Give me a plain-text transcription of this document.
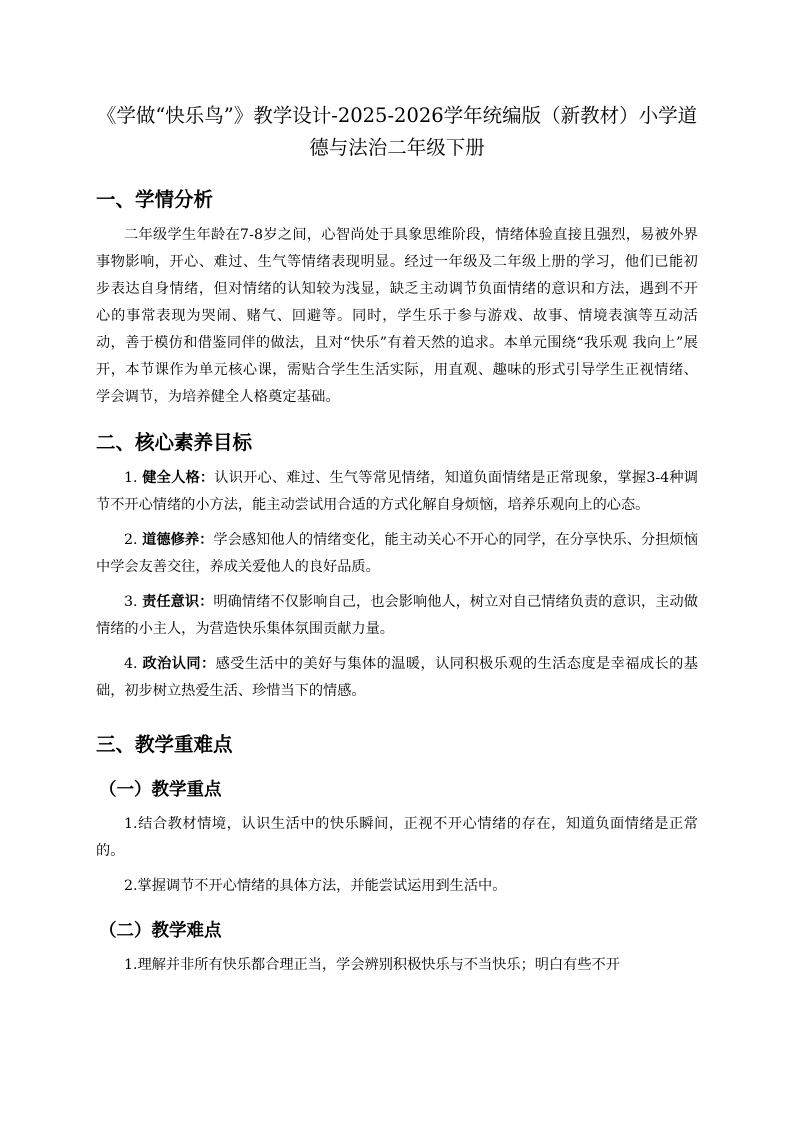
《学做“快乐鸟”》教学设计-2025-2026学年统编版（新教材）小学道德与法治二年级下册
一、学情分析

二年级学生年龄在7-8岁之间，心智尚处于具象思维阶段，情绪体验直接且强烈，易被外界事物影响，开心、难过、生气等情绪表现明显。经过一年级及二年级上册的学习，他们已能初步表达自身情绪，但对情绪的认知较为浅显，缺乏主动调节负面情绪的意识和方法，遇到不开心的事常表现为哭闹、赌气、回避等。同时，学生乐于参与游戏、故事、情境表演等互动活动，善于模仿和借鉴同伴的做法，且对“快乐”有着天然的追求。本单元围绕“我乐观 我向上”展开，本节课作为单元核心课，需贴合学生生活实际，用直观、趣味的形式引导学生正视情绪、学会调节，为培养健全人格奠定基础。

二、核心素养目标

1. 健全人格：认识开心、难过、生气等常见情绪，知道负面情绪是正常现象，掌握3-4种调节不开心情绪的小方法，能主动尝试用合适的方式化解自身烦恼，培养乐观向上的心态。

2. 道德修养：学会感知他人的情绪变化，能主动关心不开心的同学，在分享快乐、分担烦恼中学会友善交往，养成关爱他人的良好品质。

3. 责任意识：明确情绪不仅影响自己，也会影响他人，树立对自己情绪负责的意识，主动做情绪的小主人，为营造快乐集体氛围贡献力量。

4. 政治认同：感受生活中的美好与集体的温暖，认同积极乐观的生活态度是幸福成长的基础，初步树立热爱生活、珍惜当下的情感。

三、教学重难点
（一）教学重点

1.结合教材情境，认识生活中的快乐瞬间，正视不开心情绪的存在，知道负面情绪是正常的。

2.掌握调节不开心情绪的具体方法，并能尝试运用到生活中。

（二）教学难点

1.理解并非所有快乐都合理正当，学会辨别积极快乐与不当快乐；明白有些不开
